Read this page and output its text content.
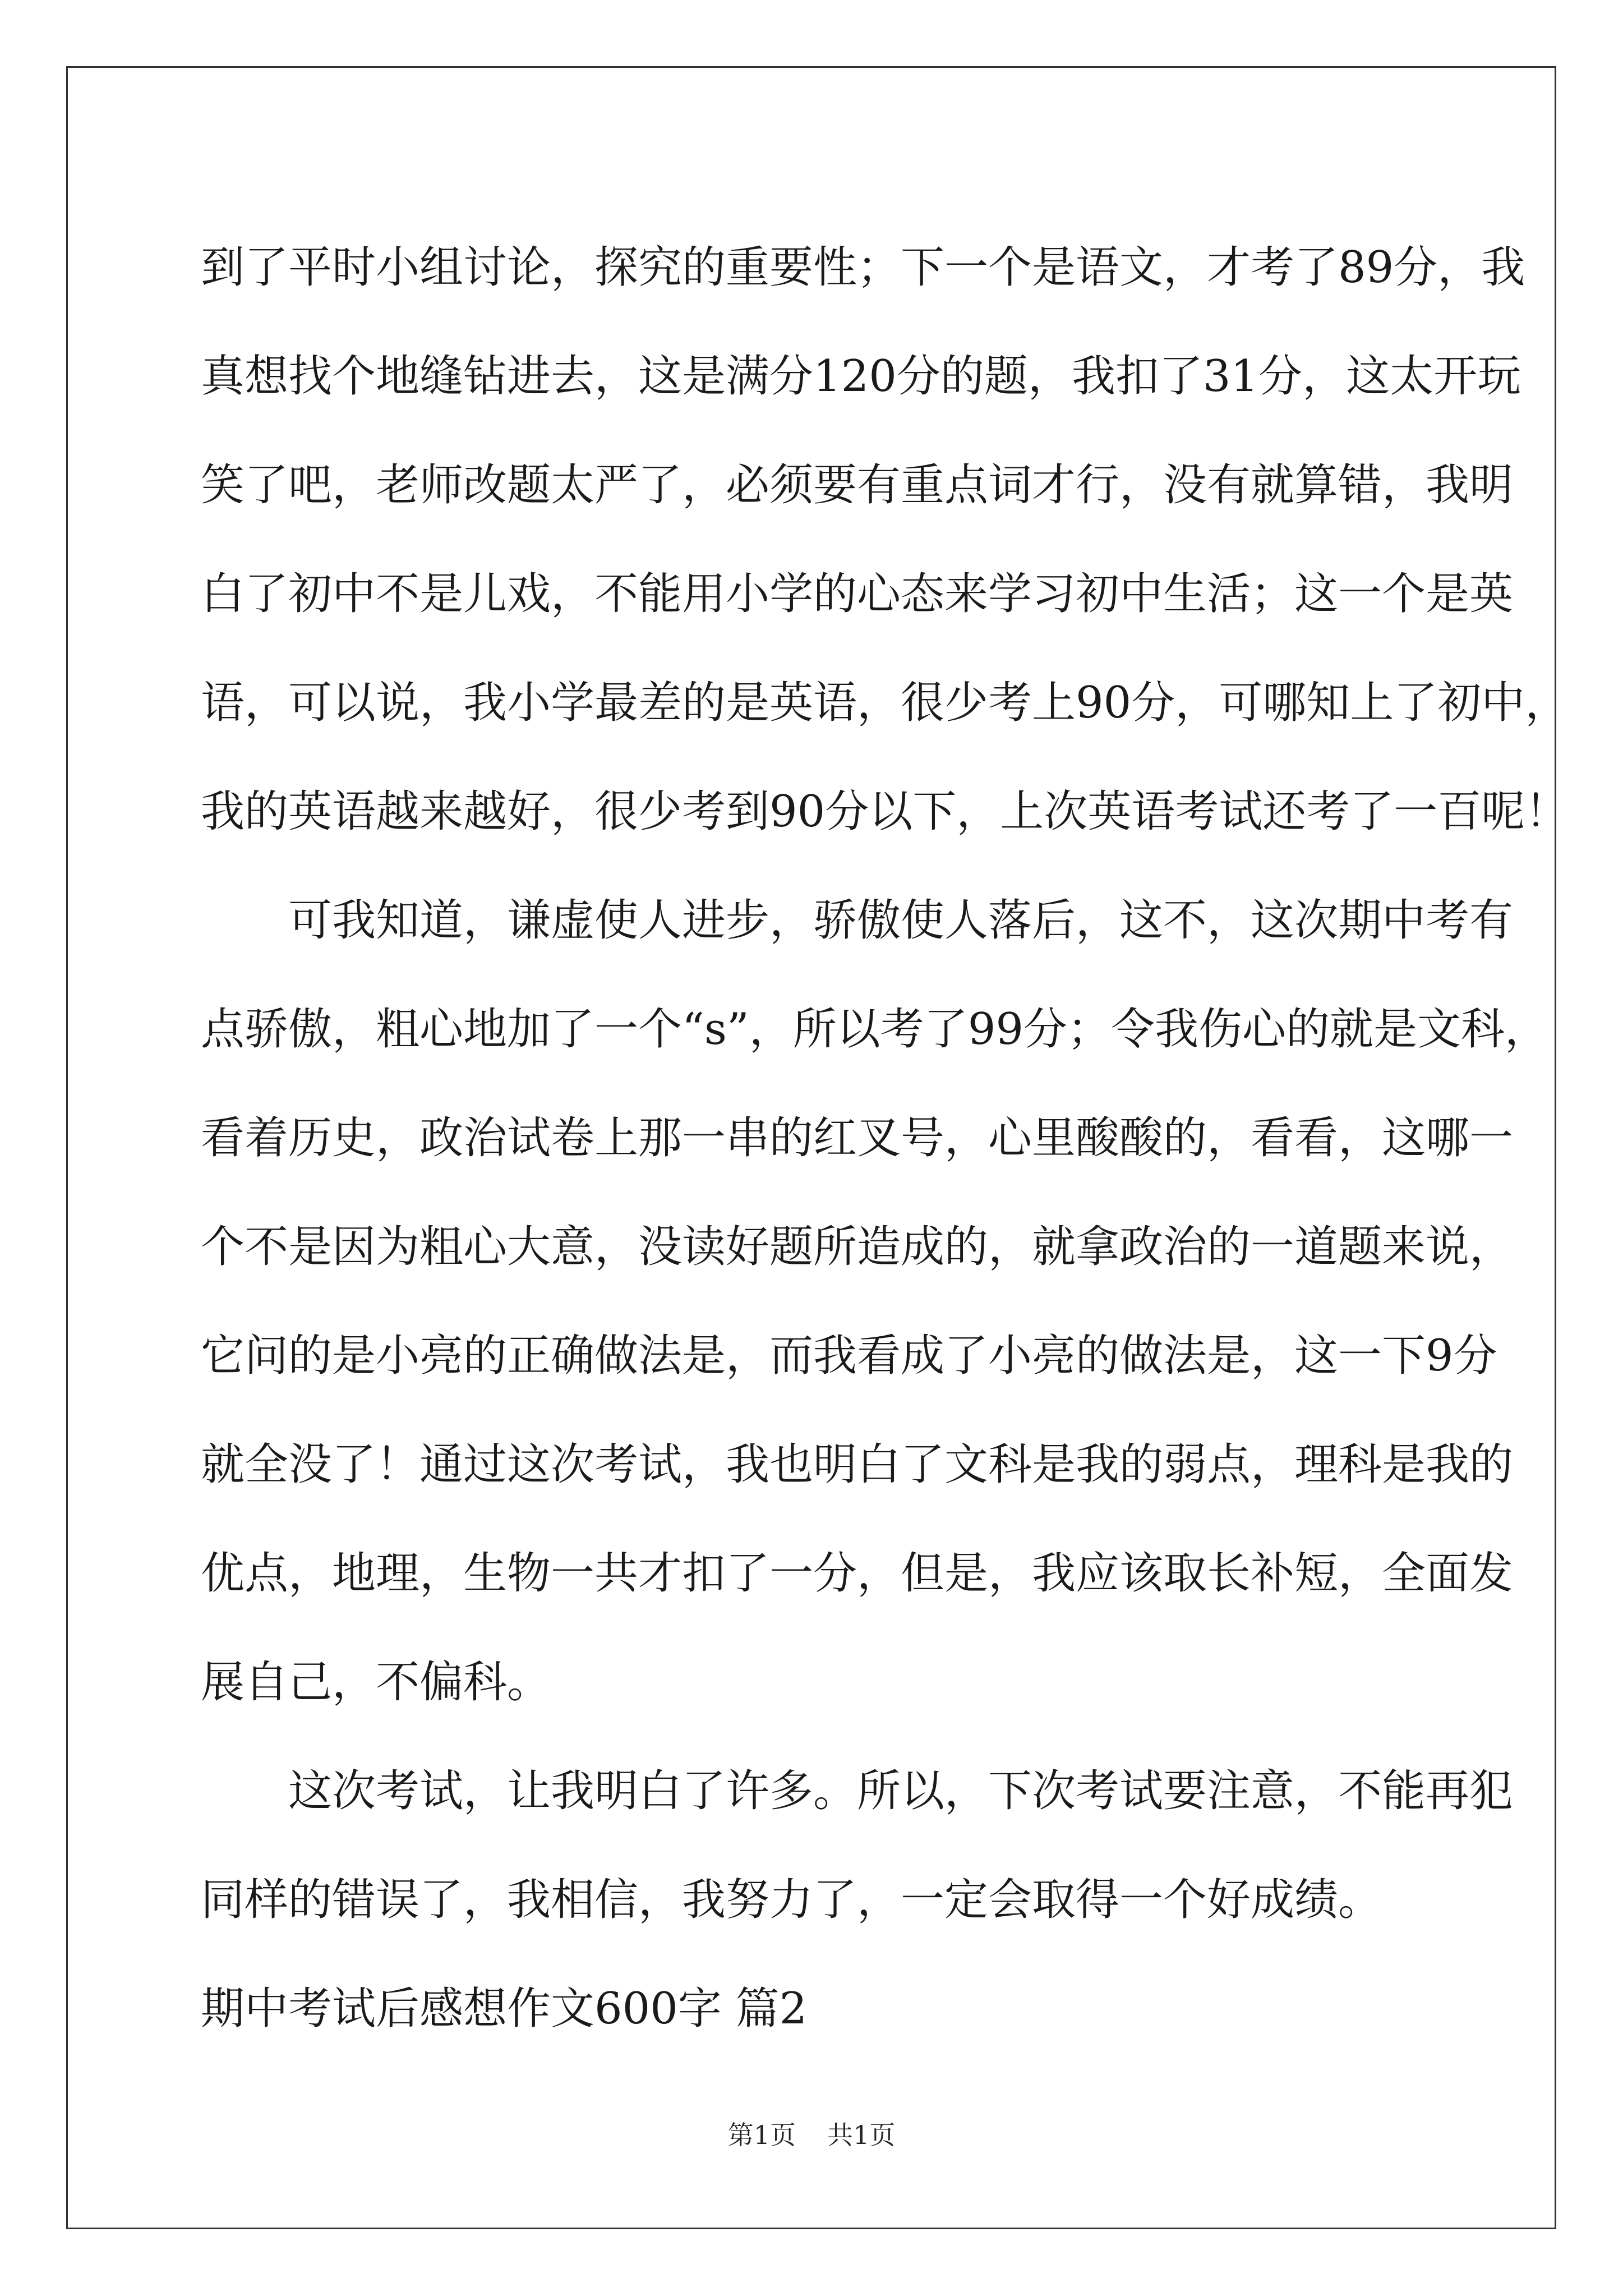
到了平时小组讨论，探究的重要性；下一个是语文，才考了89分，我
真想找个地缝钻进去，这是满分120分的题，我扣了31分，这太开玩
笑了吧，老师改题太严了，必须要有重点词才行，没有就算错，我明
白了初中不是儿戏，不能用小学的心态来学习初中生活；这一个是英
语，可以说，我小学最差的是英语，很少考上90分，可哪知上了初中，
我的英语越来越好，很少考到90分以下，上次英语考试还考了一百呢！
可我知道，谦虚使人进步，骄傲使人落后，这不，这次期中考有
点骄傲，粗心地加了一个“s”，所以考了99分；令我伤心的就是文科，
看着历史，政治试卷上那一串的红叉号，心里酸酸的，看看，这哪一
个不是因为粗心大意，没读好题所造成的，就拿政治的一道题来说，
它问的是小亮的正确做法是，而我看成了小亮的做法是，这一下9分
就全没了！通过这次考试，我也明白了文科是我的弱点，理科是我的
优点，地理，生物一共才扣了一分，但是，我应该取长补短，全面发
展自己，不偏科。
这次考试，让我明白了许多。所以，下次考试要注意，不能再犯
同样的错误了，我相信，我努力了，一定会取得一个好成绩。
期中考试后感想作文600字 篇2
第1页 共1页
